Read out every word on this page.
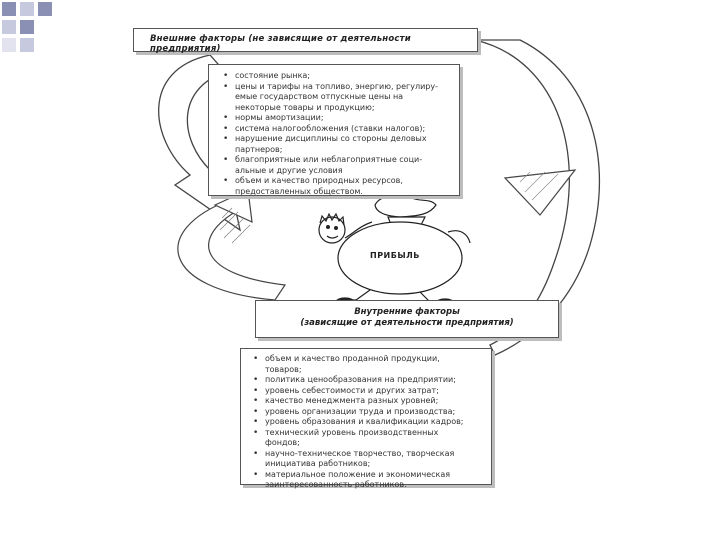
Внешние факторы (не зависящие от деятельности предприятия)
• состояние рынка;
• цены и тарифы на топливо, энергию, регулиру-
емые государством отпускные цены на
некоторые товары и продукцию;
• нормы амортизации;
• система налогообложения (ставки налогов);
• нарушение дисциплины со стороны деловых
партнеров;
• благоприятные или неблагоприятные соци-
альные и другие условия
• объем и качество природных ресурсов,
предоставленных обществом.
ПРИБЫЛЬ
Внутренние факторы
(зависящие от деятельности предприятия)
• объем и качество проданной продукции,
товаров;
• политика ценообразования на предприятии;
• уровень себестоимости и других затрат;
• качество менеджмента разных уровней;
• уровень организации труда и производства;
• уровень образования и квалификации кадров;
• технический уровень производственных
фондов;
• научно-техническое творчество, творческая
инициатива работников;
• материальное положение и экономическая
заинтересованность работников.
